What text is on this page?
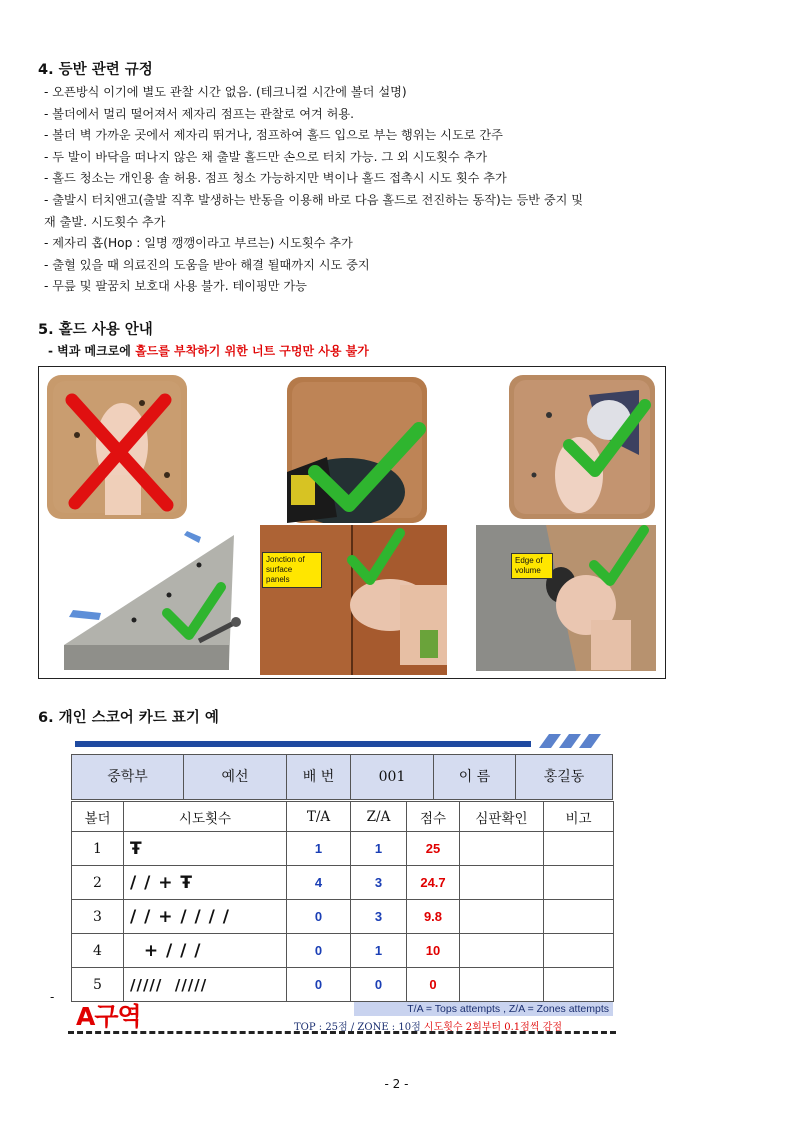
4. 등반 관련 규정
- 오픈방식 이기에 별도 관찰 시간 없음. (테크니컬 시간에 볼더 설명)
- 볼더에서 멀리 떨어져서 제자리 점프는 관찰로 여겨 허용.
- 볼더 벽 가까운 곳에서 제자리 뛰거나, 점프하여 홀드 입으로 부는 행위는 시도로 간주
- 두 발이 바닥을 떠나지 않은 채 출발 홀드만 손으로 터치 가능. 그 외 시도횟수 추가
- 홀드 청소는 개인용 솔 허용. 점프 청소 가능하지만 벽이나 홀드 접촉시 시도 횟수 추가
- 출발시 터치앤고(출발 직후 발생하는 반동을 이용해 바로 다음 홀드로 전진하는 동작)는 등반 중지 및
재 출발. 시도횟수 추가
- 제자리 홉(Hop : 일명 깽깽이라고 부르는) 시도횟수 추가
- 출혈 있을 때 의료진의 도움을 받아 해결 될때까지 시도 중지
- 무릎 및 팔꿈치 보호대 사용 불가. 테이핑만 가능
5. 홀드 사용 안내
- 벽과 메크로에 홀드를 부착하기 위한 너트 구멍만 사용 불가
Jonction of surface panels
Edge of volume
6. 개인 스코어 카드 표기 예
중학부	예선	배 번	001	이 름	홍길동
볼더	시도횟수	T/A	Z/A	점수	심판확인	비고
1	Ŧ	1	1	25		
2	/ / + Ŧ	4	3	24.7		
3	/ / + / / / /	0	3	9.8		
4	+ / / /	0	1	10		
5	/////  /////	0	0	0		
T/A = Tops attempts , Z/A = Zones attempts
A구역	TOP : 25점 / ZONE : 10점 시도횟수 2회부터 0.1점씩 감점
-
- 2 -
